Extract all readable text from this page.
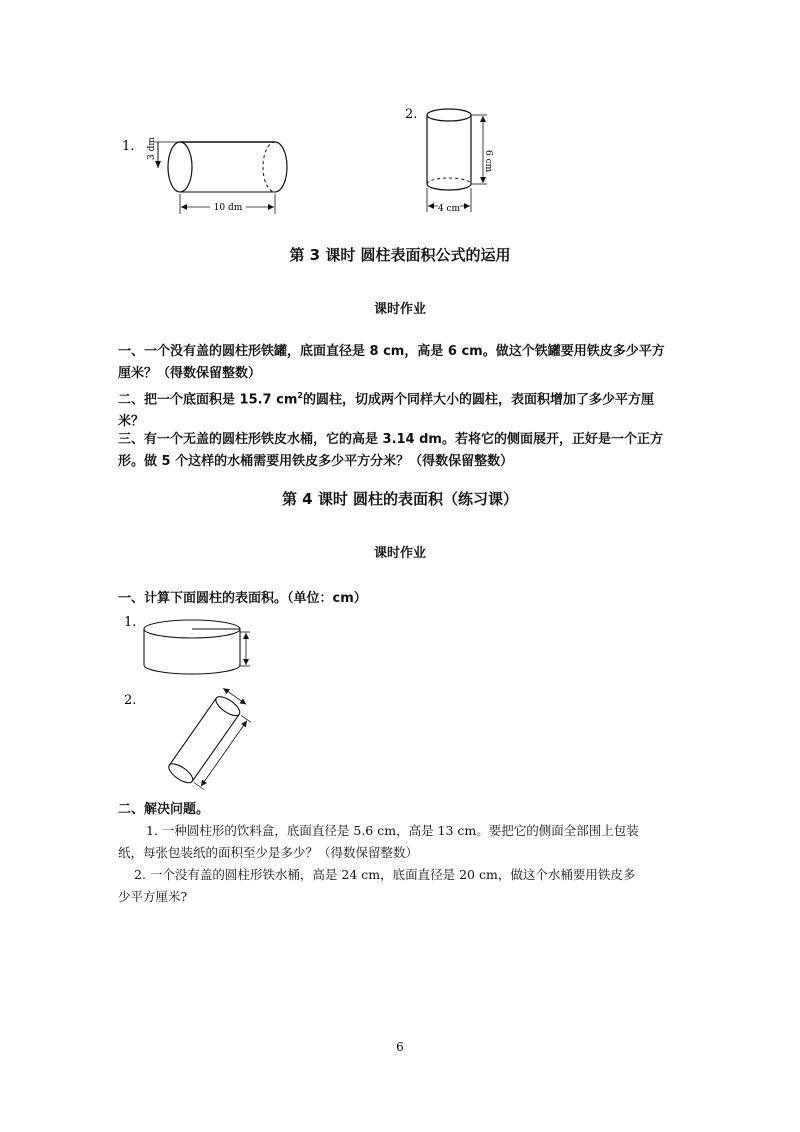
1. 3 dm
10 dm
2.
6 cm
4 cm
第 3 课时 圆柱表面积公式的运用
课时作业
一、一个没有盖的圆柱形铁罐，底面直径是 8 cm，高是 6 cm。做这个铁罐要用铁皮多少平方
厘米？（得数保留整数）
二、把一个底面积是 15.7 $cm^2$的圆柱，切成两个同样大小的圆柱，表面积增加了多少平方厘
米？
三、有一个无盖的圆柱形铁皮水桶，它的高是 3.14 dm。若将它的侧面展开，正好是一个正方
形。做 5 个这样的水桶需要用铁皮多少平方分米？（得数保留整数）
第 4 课时 圆柱的表面积（练习课）
课时作业
一、计算下面圆柱的表面积。（单位：cm）
1.
2.
二、解决问题。
1. 一种圆柱形的饮料盒，底面直径是 5.6 cm，高是 13 cm。要把它的侧面全部围上包装
纸，每张包装纸的面积至少是多少？（得数保留整数）
2. 一个没有盖的圆柱形铁水桶，高是 24 cm，底面直径是 20 cm，做这个水桶要用铁皮多
少平方厘米?
6
